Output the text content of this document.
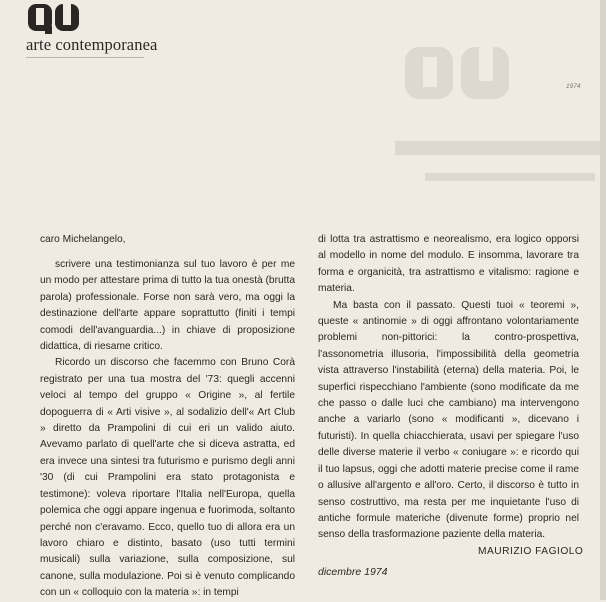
arte contemporanea
1974

caro Michelangelo,

scrivere una testimonianza sul tuo lavoro è per me un modo per attestare prima di tutto la tua onestà (brutta parola) professionale. Forse non sarà vero, ma oggi la destinazione dell'arte appare soprattutto (finiti i tempi comodi dell'avanguardia...) in chiave di proposizione didattica, di riesame critico.

Ricordo un discorso che facemmo con Bruno Corà registrato per una tua mostra del '73: quegli accenni veloci al tempo del gruppo « Origine », al fertile dopoguerra di « Arti visive », al sodalizio dell'« Art Club » diretto da Prampolini di cui eri un valido aiuto. Avevamo parlato di quell'arte che si diceva astratta, ed era invece una sintesi tra futurismo e purismo degli anni '30 (di cui Prampolini era stato protagonista e testimone): voleva riportare l'Italia nell'Europa, quella polemica che oggi appare ingenua e fuorimoda, soltanto perché non c'eravamo. Ecco, quello tuo di allora era un lavoro chiaro e distinto, basato (uso tutti termini musicali) sulla variazione, sulla composizione, sul canone, sulla modulazione. Poi si è venuto complicando con un « colloquio con la materia »: in tempi

di lotta tra astrattismo e neorealismo, era logico opporsi al modello in nome del modulo. E insomma, lavorare tra forma e organicità, tra astrattismo e vitalismo: ragione e materia.

Ma basta con il passato. Questi tuoi « teoremi », queste « antinomie » di oggi affrontano volontariamente problemi non-pittorici: la contro-prospettiva, l'assonometria illusoria, l'impossibilità della geometria vista attraverso l'instabilità (eterna) della materia. Poi, le superfici rispecchiano l'ambiente (sono modificate da me che passo o dalle luci che cambiano) ma intervengono anche a variarlo (sono « modificanti », dicevano i futuristi). In quella chiacchierata, usavi per spiegare l'uso delle diverse materie il verbo « coniugare »: e ricordo qui il tuo lapsus, oggi che adotti materie precise come il rame o allusive all'argento e all'oro. Certo, il discorso è tutto in senso costruttivo, ma resta per me inquietante l'uso di antiche formule materiche (divenute forme) proprio nel senso della trasformazione paziente della materia.

MAURIZIO FAGIOLO
dicembre 1974
